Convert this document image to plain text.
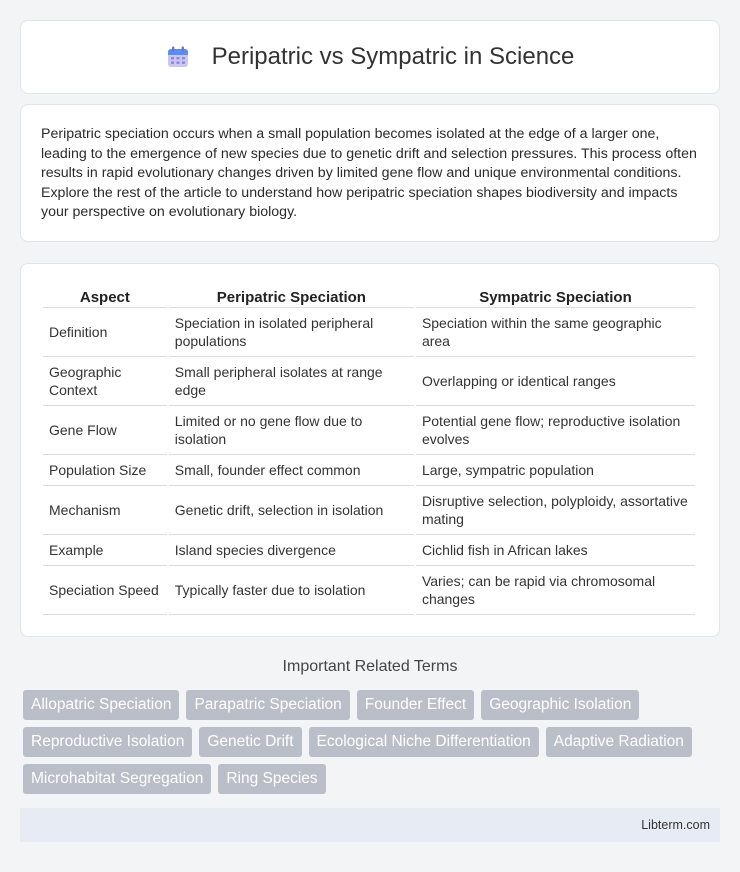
Peripatric vs Sympatric in Science

Peripatric speciation occurs when a small population becomes isolated at the edge of a larger one, leading to the emergence of new species due to genetic drift and selection pressures. This process often results in rapid evolutionary changes driven by limited gene flow and unique environmental conditions. Explore the rest of the article to understand how peripatric speciation shapes biodiversity and impacts your perspective on evolutionary biology.

Aspect	Peripatric Speciation	Sympatric Speciation
Definition	Speciation in isolated peripheral populations	Speciation within the same geographic area
Geographic Context	Small peripheral isolates at range edge	Overlapping or identical ranges
Gene Flow	Limited or no gene flow due to isolation	Potential gene flow; reproductive isolation evolves
Population Size	Small, founder effect common	Large, sympatric population
Mechanism	Genetic drift, selection in isolation	Disruptive selection, polyploidy, assortative mating
Example	Island species divergence	Cichlid fish in African lakes
Speciation Speed	Typically faster due to isolation	Varies; can be rapid via chromosomal changes
Important Related Terms
Allopatric Speciation	Parapatric Speciation	Founder Effect	Geographic Isolation
Reproductive Isolation	Genetic Drift	Ecological Niche Differentiation	Adaptive Radiation
Microhabitat Segregation	Ring Species
Libterm.com
